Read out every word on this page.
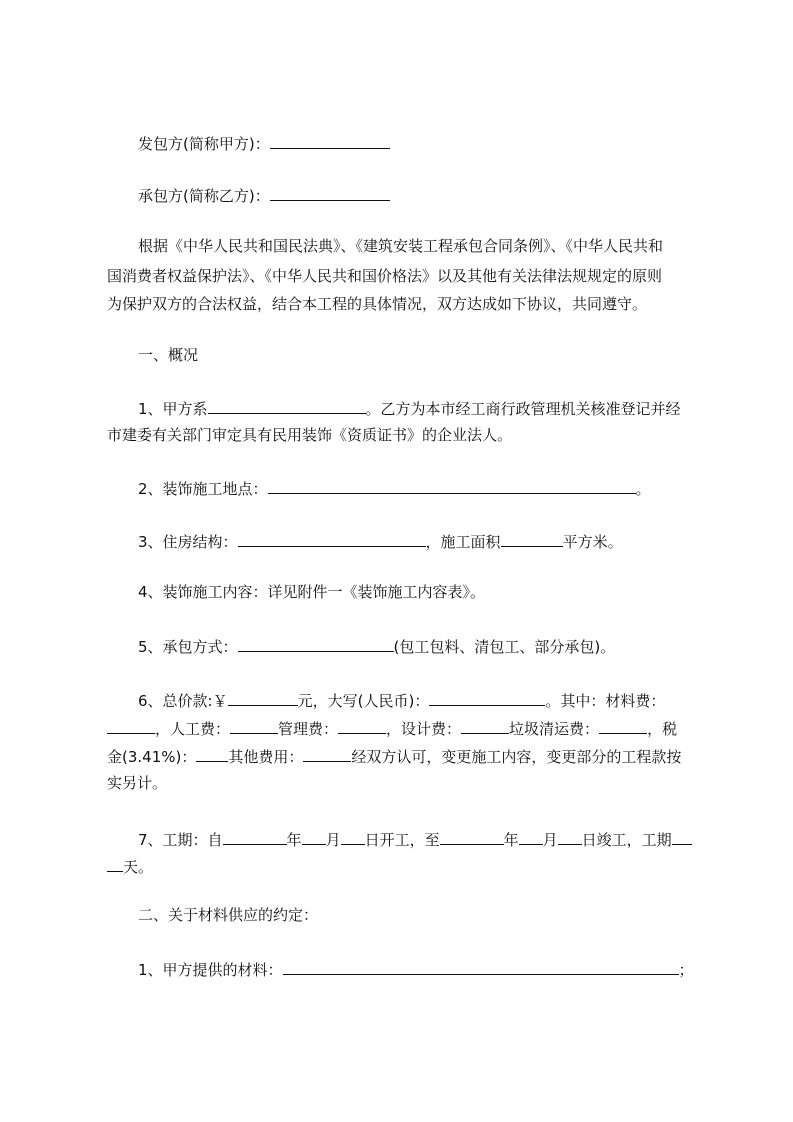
发包方(简称甲方)：
承包方(简称乙方)：
根据《中华人民共和国民法典》、《建筑安装工程承包合同条例》、《中华人民共和
国消费者权益保护法》、《中华人民共和国价格法》以及其他有关法律法规规定的原则
为保护双方的合法权益，结合本工程的具体情况，双方达成如下协议，共同遵守。
一、概况
1、甲方系	。乙方为本市经工商行政管理机关核准登记并经
市建委有关部门审定具有民用装饰《资质证书》的企业法人。
2、装饰施工地点：	。
3、住房结构：	，施工面积	平方米。
4、装饰施工内容：详见附件一《装饰施工内容表》。
5、承包方式：	(包工包料、清包工、部分承包)。
6、总价款:￥	元，大写(人民币)：	。其中：材料费：
，人工费：	管理费：	，设计费：	垃圾清运费：	，税
金(3.41%)： 其他费用：	经双方认可，变更施工内容，变更部分的工程款按
实另计。
7、工期：自	年 月 日开工，至	年 月 日竣工，工期
天。
二、关于材料供应的约定：
1、甲方提供的材料：	；
